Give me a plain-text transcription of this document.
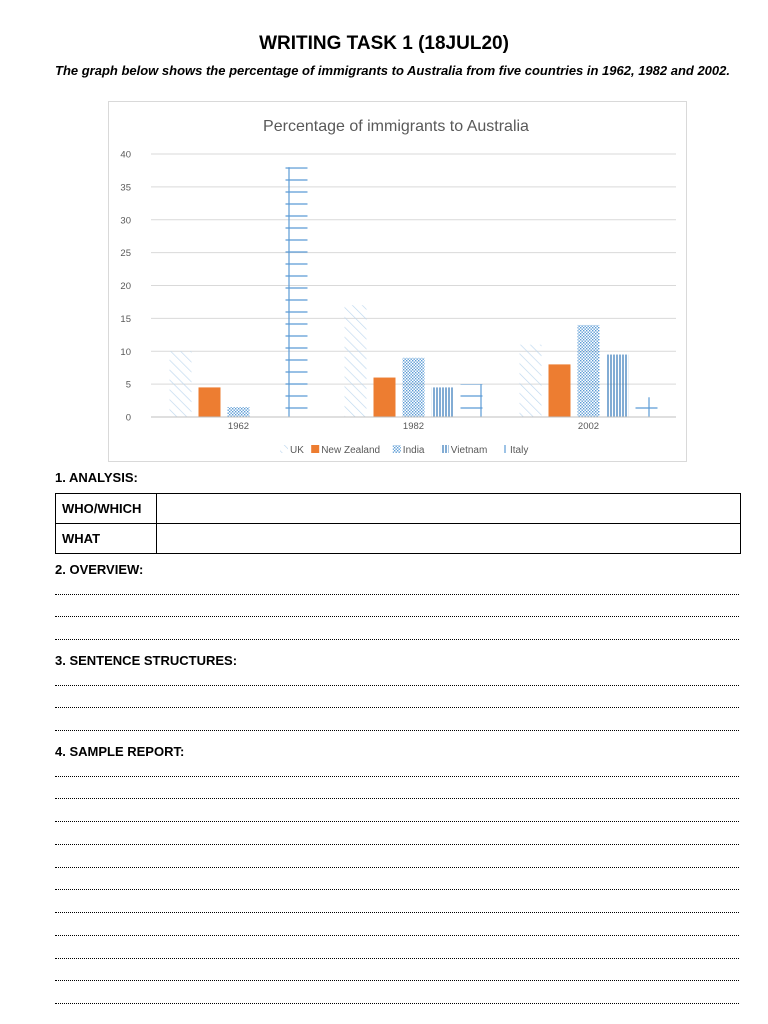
WRITING TASK 1 (18JUL20)

The graph below shows the percentage of immigrants to Australia from five countries in 1962, 1982 and 2002.

Percentage of immigrants to Australia
0
5
10
15
20
25
30
35
40
1962	1982	2002
UK New Zealand India	Vietnam Italy

1. ANALYSIS:

WHO/WHICH	
WHAT	

2. OVERVIEW:

3. SENTENCE STRUCTURES:

4. SAMPLE REPORT:
